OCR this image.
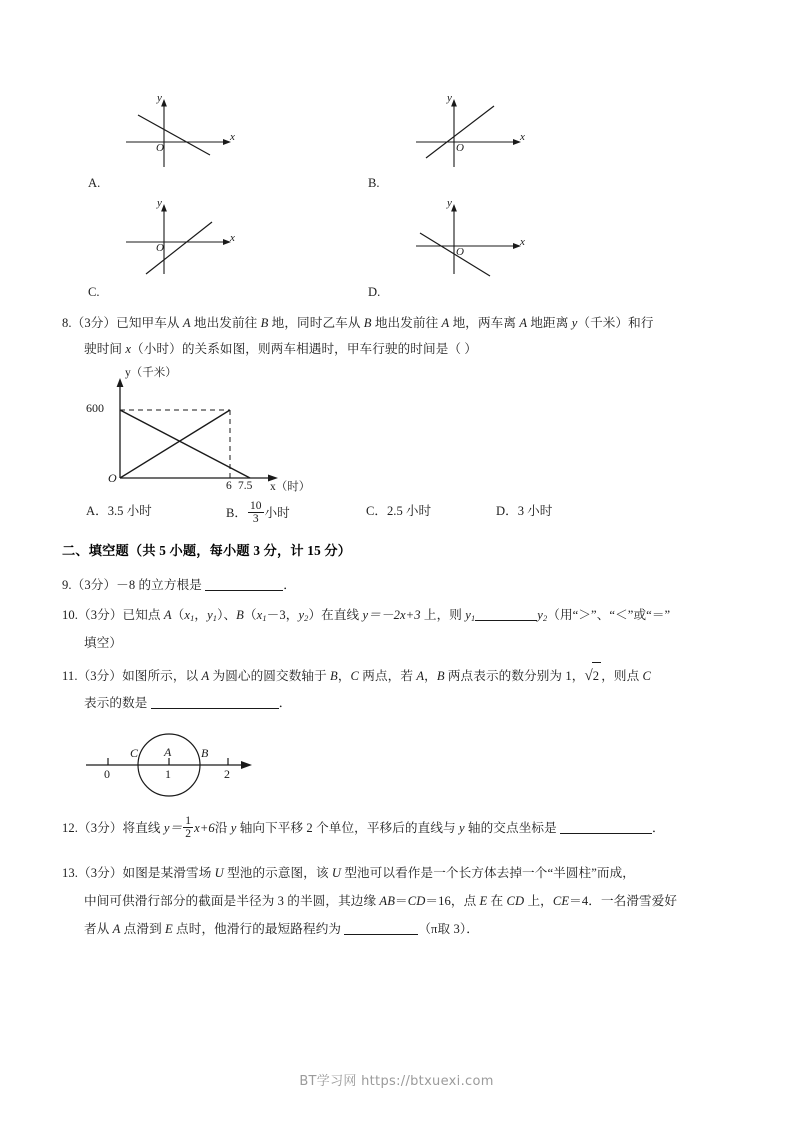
O
y
x
A.
O
y
x
B.
O
y
x
C.
O
y
x
D.
8.（3分）已知甲车从 A 地出发前往 B 地，同时乙车从 B 地出发前往 A 地，两车离 A 地距离 y（千米）和行
驶时间 x（小时）的关系如图，则两车相遇时，甲车行驶的时间是（ ）
y（千米）
600
O
6 7.5 x（时）
A．3.5 小时	B． $\frac{10}{3}$ 小时	C．2.5 小时	D．3 小时
二、填空题（共 5 小题，每小题 3 分，计 15 分）
9.（3分）－8 的立方根是	．
10.（3分）已知点 $A(x_1$，$y_1$）、$B(x_1-3$，$y_2$）在直线 y＝－2x+3 上，则 $y_1$	$y_2$（用“＞”、“＜”或“＝”
填空）
11.（3分）如图所示，以 A 为圆心的圆交数轴于 B，C 两点，若 A，B 两点表示的数分别为 1，√2 ，则点 C
表示的数是	．
0	1	2
C A B
12.（3分）将直线 $y= \frac{1}{2} x+6$沿 y 轴向下平移 2 个单位，平移后的直线与 y 轴的交点坐标是	．
13.（3分）如图是某滑雪场 U 型池的示意图，该 U 型池可以看作是一个长方体去掉一个“半圆柱”而成，
中间可供滑行部分的截面是半径为 3 的半圆，其边缘 AB＝CD＝16，点 E 在 CD 上，CE＝4．一名滑雪爱好
者从 A 点滑到 E 点时，他滑行的最短路程约为	（π取 3）．
BT学习网 https://btxuexi.com
